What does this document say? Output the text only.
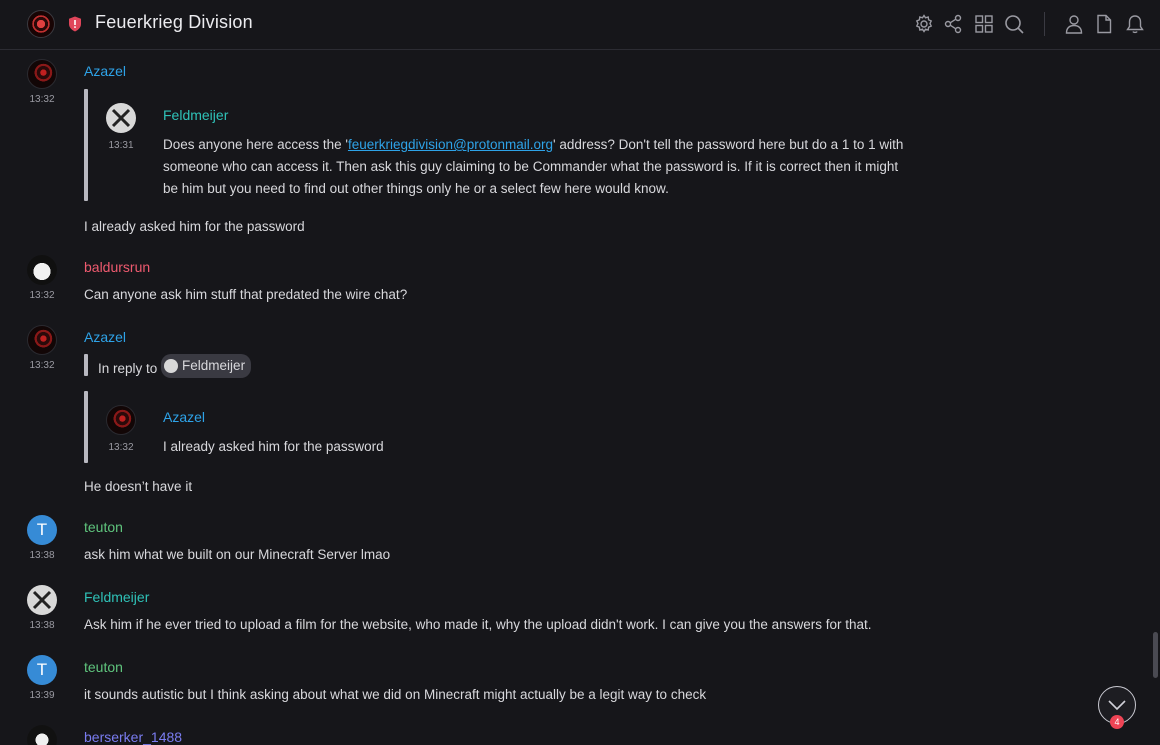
Feuerkrieg Division
13:32
Azazel
13:31
Feldmeijer
Does anyone here access the 'feuerkriegdivision@protonmail.org' address? Don't tell the password here but do a 1 to 1 with
someone who can access it. Then ask this guy claiming to be Commander what the password is. If it is correct then it might
be him but you need to find out other things only he or a select few here would know.
I already asked him for the password
13:32
baldursrun
Can anyone ask him stuff that predated the wire chat?
13:32
Azazel
In reply to Feldmeijer
13:32
Azazel
I already asked him for the password
He doesn’t have it
T
13:38
teuton
ask him what we built on our Minecraft Server lmao
13:38
Feldmeijer
Ask him if he ever tried to upload a film for the website, who made it, why the upload didn't work. I can give you the answers for that.
T
13:39
teuton
it sounds autistic but I think asking about what we did on Minecraft might actually be a legit way to check
berserker_1488
4
